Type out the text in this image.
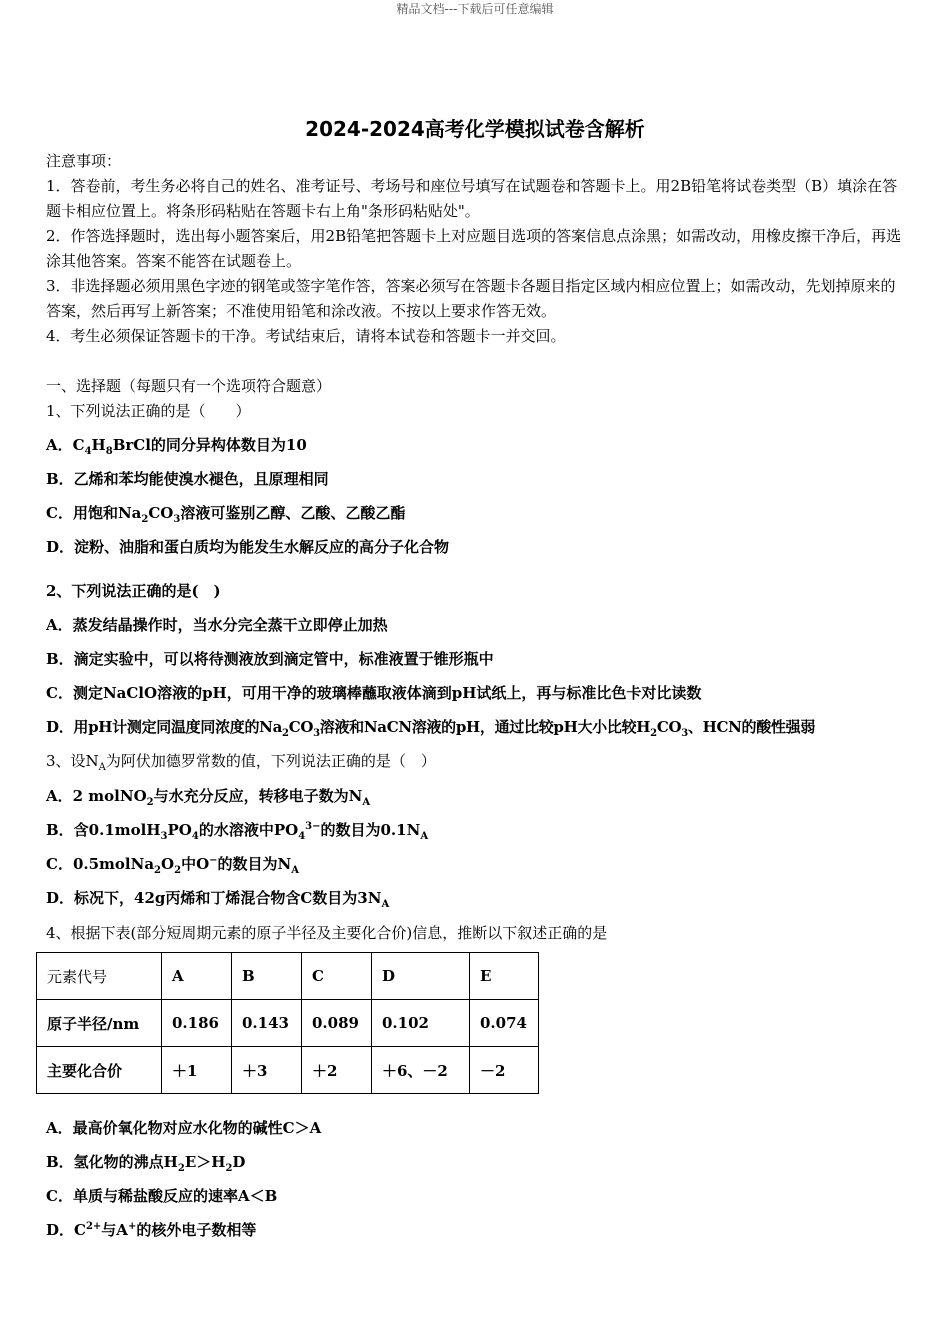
精品文档---下载后可任意编辑
2024-2024高考化学模拟试卷含解析
注意事项：
1．答卷前，考生务必将自己的姓名、准考证号、考场号和座位号填写在试题卷和答题卡上。用2B铅笔将试卷类型（B）填涂在答题卡相应位置上。将条形码粘贴在答题卡右上角"条形码粘贴处"。
2．作答选择题时，选出每小题答案后，用2B铅笔把答题卡上对应题目选项的答案信息点涂黑；如需改动，用橡皮擦干净后，再选涂其他答案。答案不能答在试题卷上。
3．非选择题必须用黑色字迹的钢笔或签字笔作答，答案必须写在答题卡各题目指定区域内相应位置上；如需改动，先划掉原来的答案，然后再写上新答案；不准使用铅笔和涂改液。不按以上要求作答无效。
4．考生必须保证答题卡的干净。考试结束后，请将本试卷和答题卡一并交回。
一、选择题（每题只有一个选项符合题意）
1、下列说法正确的是（　　）
A．$C_4H_8BrCl$的同分异构体数目为10
B．乙烯和苯均能使溴水褪色，且原理相同
C．用饱和$Na_2CO_3$溶液可鉴别乙醇、乙酸、乙酸乙酯
D．淀粉、油脂和蛋白质均为能发生水解反应的高分子化合物
2、下列说法正确的是(　)
A．蒸发结晶操作时，当水分完全蒸干立即停止加热
B．滴定实验中，可以将待测液放到滴定管中，标准液置于锥形瓶中
C．测定NaClO溶液的pH，可用干净的玻璃棒蘸取液体滴到pH试纸上，再与标准比色卡对比读数
D．用pH计测定同温度同浓度的$Na_2CO_3$溶液和NaCN溶液的pH，通过比较pH大小比较$H_2CO_3$、HCN的酸性强弱
3、设$N_A$为阿伏加德罗常数的值，下列说法正确的是（　）
A．2 molNO$_2$与水充分反应，转移电子数为$N_A$
B．含$0.1molH_3PO_4$的水溶液中$PO_4^{3-}$的数目为$0.1N_A$
C．$0.5molNa_2O_2$中O−的数目为$N_A$
D．标况下，42g丙烯和丁烯混合物含C数目为$3N_A$
4、根据下表(部分短周期元素的原子半径及主要化合价)信息，推断以下叙述正确的是
元素代号	A	B	C	D	E
原子半径/nm	0.186	0.143	0.089	0.102	0.074
主要化合价	＋1	＋3	＋2	＋6、－2	－2
A．最高价氧化物对应水化物的碱性C＞A
B．氢化物的沸点$H_2E>H_2D$
C．单质与稀盐酸反应的速率A＜B
D．$C^{2+}$与A+的核外电子数相等
